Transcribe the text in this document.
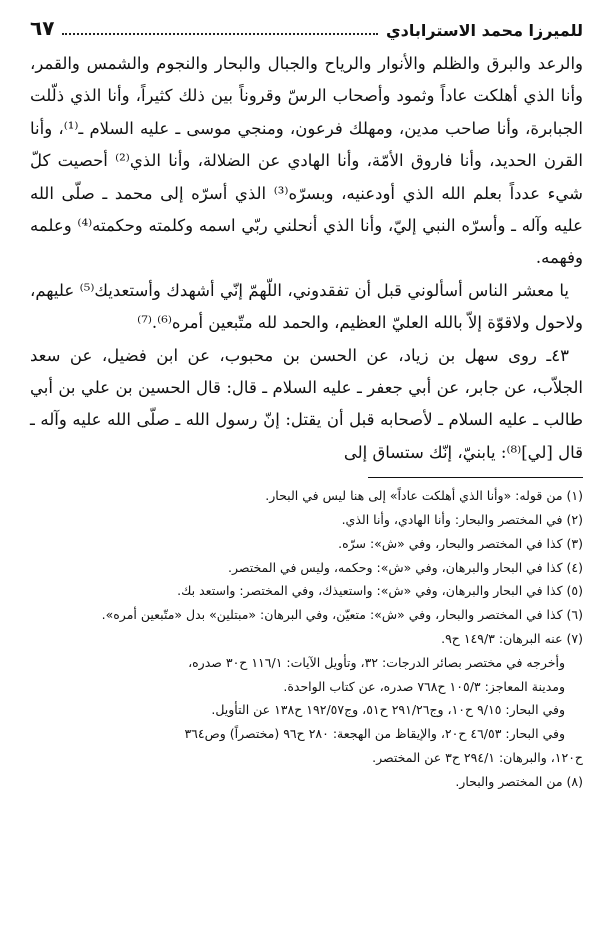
للميرزا محمد الاسترابادي
٦٧

والرعد والبرق والظلم والأنوار والرياح والجبال والبحار والنجوم والشمس والقمر، وأنا الذي أهلكت عاداً وثمود وأصحاب الرسّ وقروناً بين ذلك كثيراً، وأنا الذي ذلّلت الجبابرة، وأنا صاحب مدين، ومهلك فرعون، ومنجي موسى ـ عليه السلام ـ⁽¹⁾، وأنا القرن الحديد، وأنا فاروق الأمّة، وأنا الهادي عن الضلالة، وأنا الذي⁽²⁾ أحصيت كلّ شيء عدداً بعلم الله الذي أودعنيه، وبسرّه⁽³⁾ الذي أسرّه إلى محمد ـ صلّى الله عليه وآله ـ وأسرّه النبي إليّ، وأنا الذي أنحلني ربّي اسمه وكلمته وحكمته⁽⁴⁾ وعلمه وفهمه.

يا معشر الناس أسألوني قبل أن تفقدوني، اللّهمّ إنّي أشهدك وأستعديك⁽⁵⁾ عليهم، ولاحول ولاقوّة إلاّ بالله العليّ العظيم، والحمد لله متّبعين أمره⁽⁶⁾.⁽⁷⁾

٤٣ـ روى سهل بن زياد، عن الحسن بن محبوب، عن ابن فضيل، عن سعد الجلاّب، عن جابر، عن أبي جعفر ـ عليه السلام ـ قال: قال الحسين بن علي بن أبي طالب ـ عليه السلام ـ لأصحابه قبل أن يقتل: إنّ رسول الله ـ صلّى الله عليه وآله ـ قال [لي]⁽⁸⁾: يابنيّ، إنّك ستساق إلى

(١) من قوله: «وأنا الذي أهلكت عاداً» إلى هنا ليس في البحار.

(٢) في المختصر والبحار: وأنا الهادي، وأنا الذي.

(٣) كذا في المختصر والبحار، وفي «ش»: سرّه.

(٤) كذا في البحار والبرهان، وفي «ش»: وحكمه، وليس في المختصر.

(٥) كذا في البحار والبرهان، وفي «ش»: واستعيذك، وفي المختصر: واستعد بك.

(٦) كذا في المختصر والبحار، وفي «ش»: متعيّن، وفي البرهان: «مبتلين» بدل «متّبعين أمره».

(٧) عنه البرهان: ١٤٩/٣ ح٩.

وأخرجه في مختصر بصائر الدرجات: ٣٢، وتأويل الآيات: ١١٦/١ ح٣٠ صدره،

ومدينة المعاجز: ١٠٥/٣ ح٧٦٨ صدره، عن كتاب الواحدة.

وفي البحار: ٩/١٥ ح١٠، وج٢٩١/٢٦ ح٥١، وج١٩٢/٥٧ ح١٣٨ عن التأويل.

وفي البحار: ٤٦/٥٣ ح٢٠، والإيقاظ من الهجعة: ٢٨٠ ح٩٦ (مختصراً) وص٣٦٤

ح١٢٠، والبرهان: ٢٩٤/١ ح٣ عن المختصر.

(٨) من المختصر والبحار.
